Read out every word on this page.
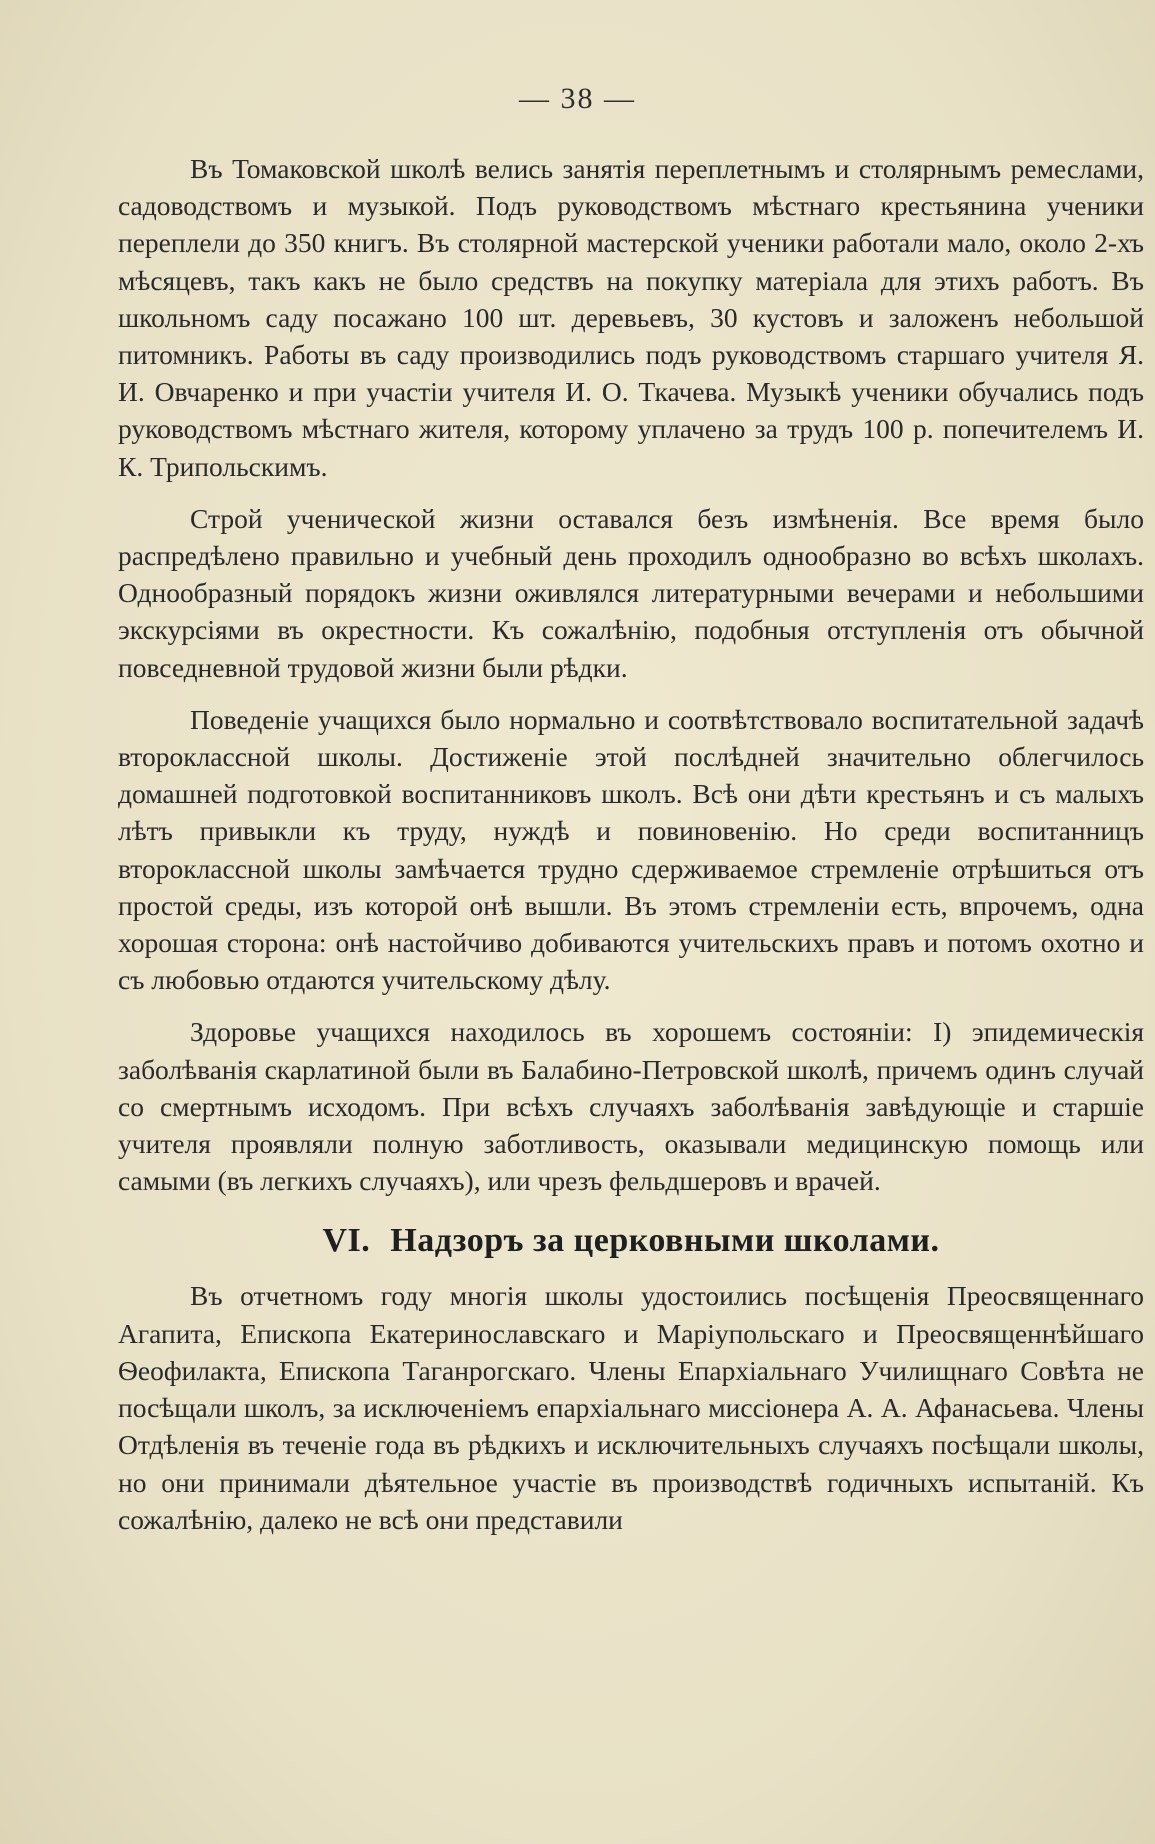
— 38 —

Въ Томаковской школѣ велись занятія переплетнымъ и столярнымъ ремеслами, садоводствомъ и музыкой. Подъ руководствомъ мѣстнаго крестьянина ученики переплели до 350 книгъ. Въ столярной мастерской ученики работали мало, около 2-хъ мѣсяцевъ, такъ какъ не было средствъ на покупку матеріала для этихъ работъ. Въ школьномъ саду посажано 100 шт. деревьевъ, 30 кустовъ и заложенъ небольшой питомникъ. Работы въ саду производились подъ руководствомъ старшаго учителя Я. И. Овчаренко и при участіи учителя И. О. Ткачева. Музыкѣ ученики обучались подъ руководствомъ мѣстнаго жителя, которому уплачено за трудъ 100 р. попечителемъ И. К. Трипольскимъ.

Строй ученической жизни оставался безъ измѣненія. Все время было распредѣлено правильно и учебный день проходилъ однообразно во всѣхъ школахъ. Однообразный порядокъ жизни оживлялся литературными вечерами и небольшими экскурсіями въ окрестности. Къ сожалѣнію, подобныя отступленія отъ обычной повседневной трудовой жизни были рѣдки.

Поведеніе учащихся было нормально и соотвѣтствовало воспитательной задачѣ второклассной школы. Достиженіе этой послѣдней значительно облегчилось домашней подготовкой воспитанниковъ школъ. Всѣ они дѣти крестьянъ и съ малыхъ лѣтъ привыкли къ труду, нуждѣ и повиновенію. Но среди воспитанницъ второклассной школы замѣчается трудно сдерживаемое стремленіе отрѣшиться отъ простой среды, изъ которой онѣ вышли. Въ этомъ стремленіи есть, впрочемъ, одна хорошая сторона: онѣ настойчиво добиваются учительскихъ правъ и потомъ охотно и съ любовью отдаются учительскому дѣлу.

Здоровье учащихся находилось въ хорошемъ состояніи: І) эпидемическія заболѣванія скарлатиной были въ Балабино-Петровской школѣ, причемъ одинъ случай со смертнымъ исходомъ. При всѣхъ случаяхъ заболѣванія завѣдующіе и старшіе учителя проявляли полную заботливость, оказывали медицинскую помощь или самыми (въ легкихъ случаяхъ), или чрезъ фельдшеровъ и врачей.

VI. Надзоръ за церковными школами.

Въ отчетномъ году многія школы удостоились посѣщенія Преосвященнаго Агапита, Епископа Екатеринославскаго и Маріупольскаго и Преосвященнѣйшаго Ѳеофилакта, Епископа Таганрогскаго. Члены Епархіальнаго Училищнаго Совѣта не посѣщали школъ, за исключеніемъ епархіальнаго миссіонера А. А. Афанасьева. Члены Отдѣленія въ теченіе года въ рѣдкихъ и исключительныхъ случаяхъ посѣщали школы, но они принимали дѣятельное участіе въ производствѣ годичныхъ испытаній. Къ сожалѣнію, далеко не всѣ они представили
